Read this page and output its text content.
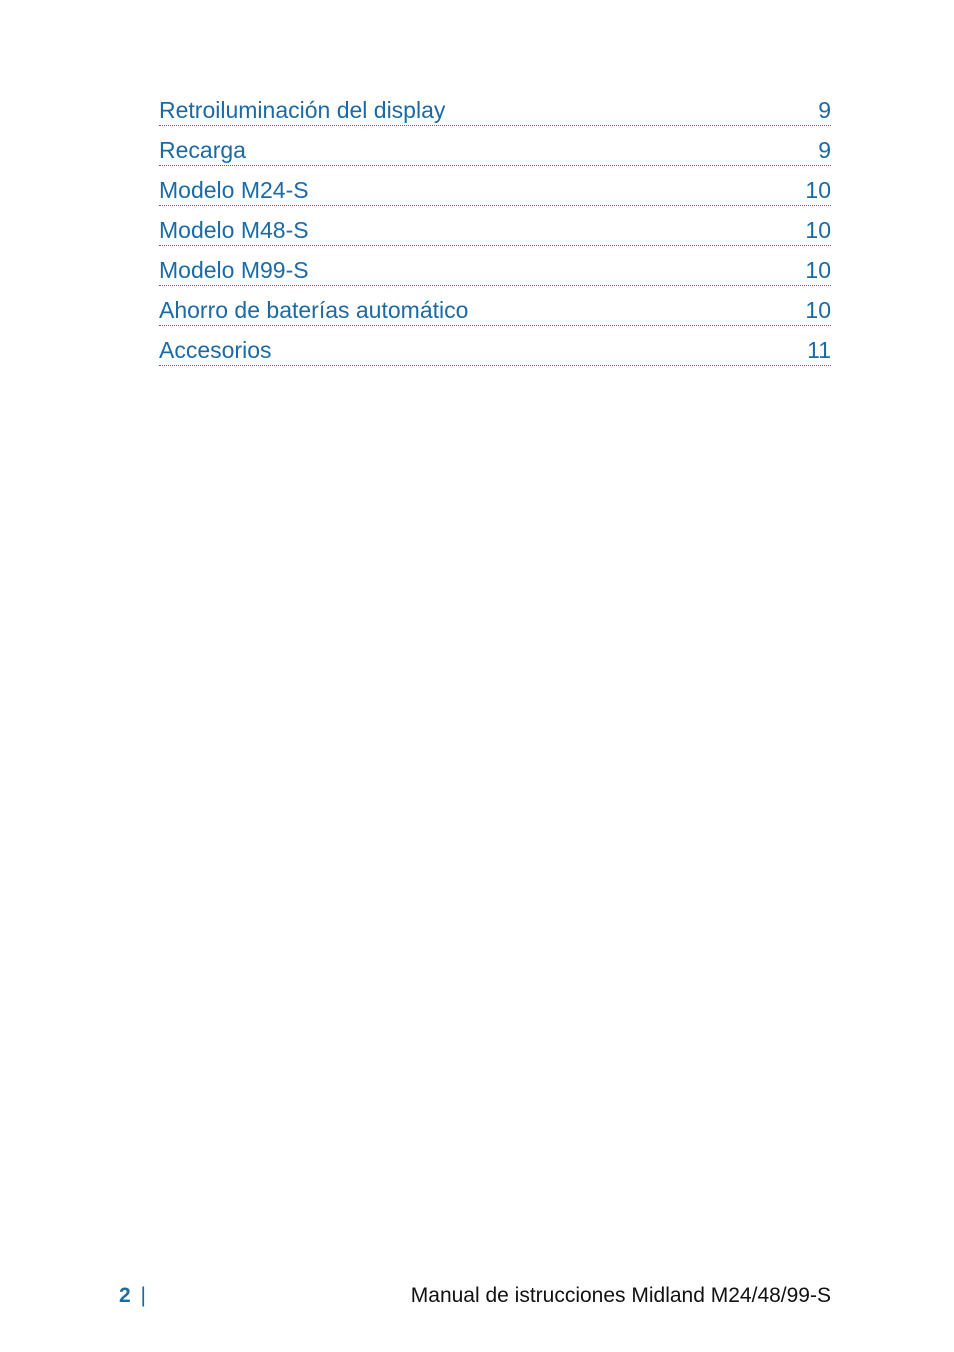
Retroiluminación del display	9
Recarga	9
Modelo M24-S	10
Modelo M48-S	10
Modelo M99-S	10
Ahorro de baterías automático	10
Accesorios	11
2 |	Manual de istrucciones Midland M24/48/99-S
